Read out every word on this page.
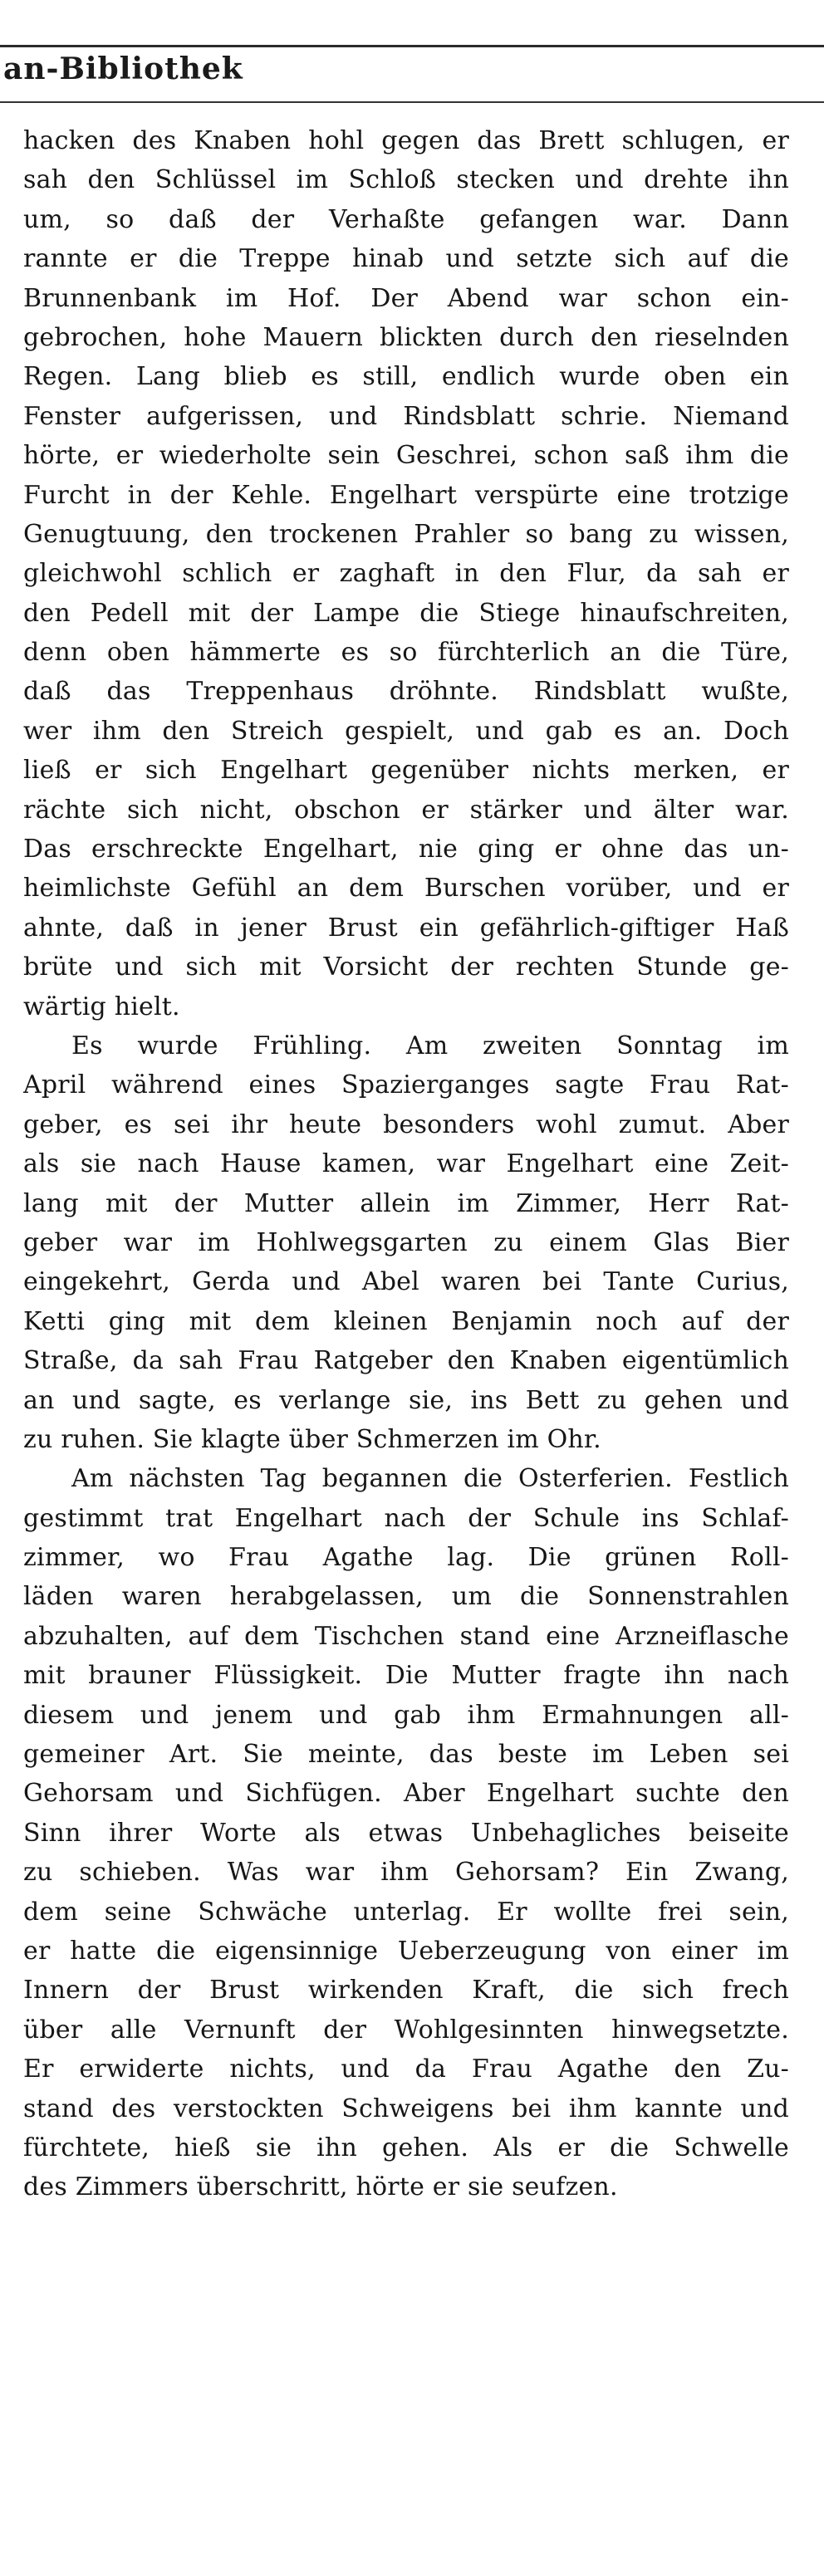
an-Bibliothek
hacken des Knaben hohl gegen das Brett schlugen, er
sah den Schlüssel im Schloß stecken und drehte ihn
um, so daß der Verhaßte gefangen war. Dann
rannte er die Treppe hinab und setzte sich auf die
Brunnenbank im Hof. Der Abend war schon ein-
gebrochen, hohe Mauern blickten durch den rieselnden
Regen. Lang blieb es still, endlich wurde oben ein
Fenster aufgerissen, und Rindsblatt schrie. Niemand
hörte, er wiederholte sein Geschrei, schon saß ihm die
Furcht in der Kehle. Engelhart verspürte eine trotzige
Genugtuung, den trockenen Prahler so bang zu wissen,
gleichwohl schlich er zaghaft in den Flur, da sah er
den Pedell mit der Lampe die Stiege hinaufschreiten,
denn oben hämmerte es so fürchterlich an die Türe,
daß das Treppenhaus dröhnte. Rindsblatt wußte,
wer ihm den Streich gespielt, und gab es an. Doch
ließ er sich Engelhart gegenüber nichts merken, er
rächte sich nicht, obschon er stärker und älter war.
Das erschreckte Engelhart, nie ging er ohne das un-
heimlichste Gefühl an dem Burschen vorüber, und er
ahnte, daß in jener Brust ein gefährlich-giftiger Haß
brüte und sich mit Vorsicht der rechten Stunde ge-
wärtig hielt.
Es wurde Frühling. Am zweiten Sonntag im
April während eines Spazierganges sagte Frau Rat-
geber, es sei ihr heute besonders wohl zumut. Aber
als sie nach Hause kamen, war Engelhart eine Zeit-
lang mit der Mutter allein im Zimmer, Herr Rat-
geber war im Hohlwegsgarten zu einem Glas Bier
eingekehrt, Gerda und Abel waren bei Tante Curius,
Ketti ging mit dem kleinen Benjamin noch auf der
Straße, da sah Frau Ratgeber den Knaben eigentümlich
an und sagte, es verlange sie, ins Bett zu gehen und
zu ruhen. Sie klagte über Schmerzen im Ohr.
Am nächsten Tag begannen die Osterferien. Festlich
gestimmt trat Engelhart nach der Schule ins Schlaf-
zimmer, wo Frau Agathe lag. Die grünen Roll-
läden waren herabgelassen, um die Sonnenstrahlen
abzuhalten, auf dem Tischchen stand eine Arzneiflasche
mit brauner Flüssigkeit. Die Mutter fragte ihn nach
diesem und jenem und gab ihm Ermahnungen all-
gemeiner Art. Sie meinte, das beste im Leben sei
Gehorsam und Sichfügen. Aber Engelhart suchte den
Sinn ihrer Worte als etwas Unbehagliches beiseite
zu schieben. Was war ihm Gehorsam? Ein Zwang,
dem seine Schwäche unterlag. Er wollte frei sein,
er hatte die eigensinnige Ueberzeugung von einer im
Innern der Brust wirkenden Kraft, die sich frech
über alle Vernunft der Wohlgesinnten hinwegsetzte.
Er erwiderte nichts, und da Frau Agathe den Zu-
stand des verstockten Schweigens bei ihm kannte und
fürchtete, hieß sie ihn gehen. Als er die Schwelle
des Zimmers überschritt, hörte er sie seufzen.
